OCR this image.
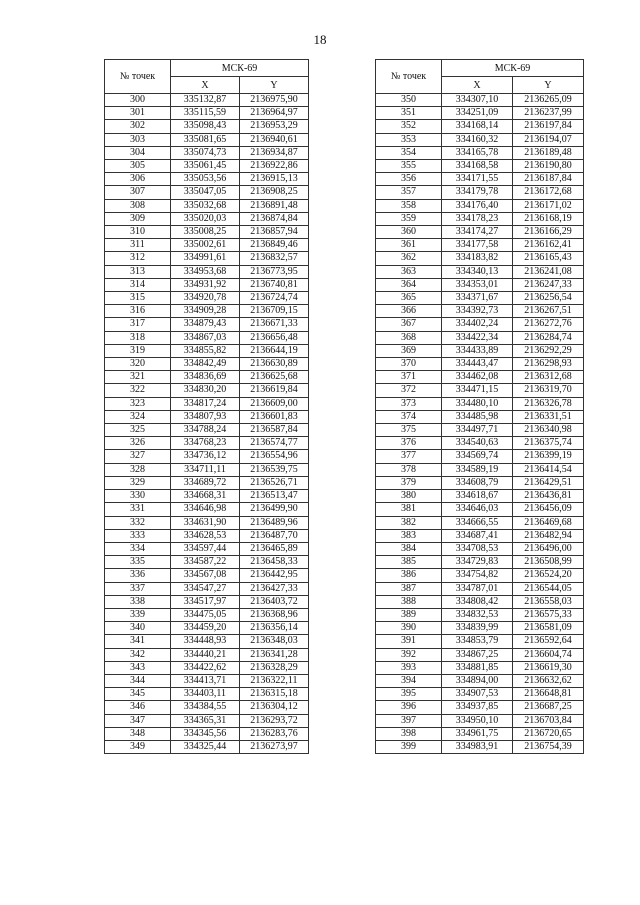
18
№ точек	МСК-69	
	X	Y
300	335132,87	2136975,90
301	335115,59	2136964,97
302	335098,43	2136953,29
303	335081,65	2136940,61
304	335074,73	2136934,87
305	335061,45	2136922,86
306	335053,56	2136915,13
307	335047,05	2136908,25
308	335032,68	2136891,48
309	335020,03	2136874,84
310	335008,25	2136857,94
311	335002,61	2136849,46
312	334991,61	2136832,57
313	334953,68	2136773,95
314	334931,92	2136740,81
315	334920,78	2136724,74
316	334909,28	2136709,15
317	334879,43	2136671,33
318	334867,03	2136656,48
319	334855,82	2136644,19
320	334842,49	2136630,89
321	334836,69	2136625,68
322	334830,20	2136619,84
323	334817,24	2136609,00
324	334807,93	2136601,83
325	334788,24	2136587,84
326	334768,23	2136574,77
327	334736,12	2136554,96
328	334711,11	2136539,75
329	334689,72	2136526,71
330	334668,31	2136513,47
331	334646,98	2136499,90
332	334631,90	2136489,96
333	334628,53	2136487,70
334	334597,44	2136465,89
335	334587,22	2136458,33
336	334567,08	2136442,95
337	334547,27	2136427,33
338	334517,97	2136403,72
339	334475,05	2136368,96
340	334459,20	2136356,14
341	334448,93	2136348,03
342	334440,21	2136341,28
343	334422,62	2136328,29
344	334413,71	2136322,11
345	334403,11	2136315,18
346	334384,55	2136304,12
347	334365,31	2136293,72
348	334345,56	2136283,76
349	334325,44	2136273,97
№ точек	МСК-69	
	X	Y
350	334307,10	2136265,09
351	334251,09	2136237,99
352	334168,14	2136197,84
353	334160,32	2136194,07
354	334165,78	2136189,48
355	334168,58	2136190,80
356	334171,55	2136187,84
357	334179,78	2136172,68
358	334176,40	2136171,02
359	334178,23	2136168,19
360	334174,27	2136166,29
361	334177,58	2136162,41
362	334183,82	2136165,43
363	334340,13	2136241,08
364	334353,01	2136247,33
365	334371,67	2136256,54
366	334392,73	2136267,51
367	334402,24	2136272,76
368	334422,34	2136284,74
369	334433,89	2136292,29
370	334443,47	2136298,93
371	334462,08	2136312,68
372	334471,15	2136319,70
373	334480,10	2136326,78
374	334485,98	2136331,51
375	334497,71	2136340,98
376	334540,63	2136375,74
377	334569,74	2136399,19
378	334589,19	2136414,54
379	334608,79	2136429,51
380	334618,67	2136436,81
381	334646,03	2136456,09
382	334666,55	2136469,68
383	334687,41	2136482,94
384	334708,53	2136496,00
385	334729,83	2136508,99
386	334754,82	2136524,20
387	334787,01	2136544,05
388	334808,42	2136558,03
389	334832,53	2136575,33
390	334839,99	2136581,09
391	334853,79	2136592,64
392	334867,25	2136604,74
393	334881,85	2136619,30
394	334894,00	2136632,62
395	334907,53	2136648,81
396	334937,85	2136687,25
397	334950,10	2136703,84
398	334961,75	2136720,65
399	334983,91	2136754,39
